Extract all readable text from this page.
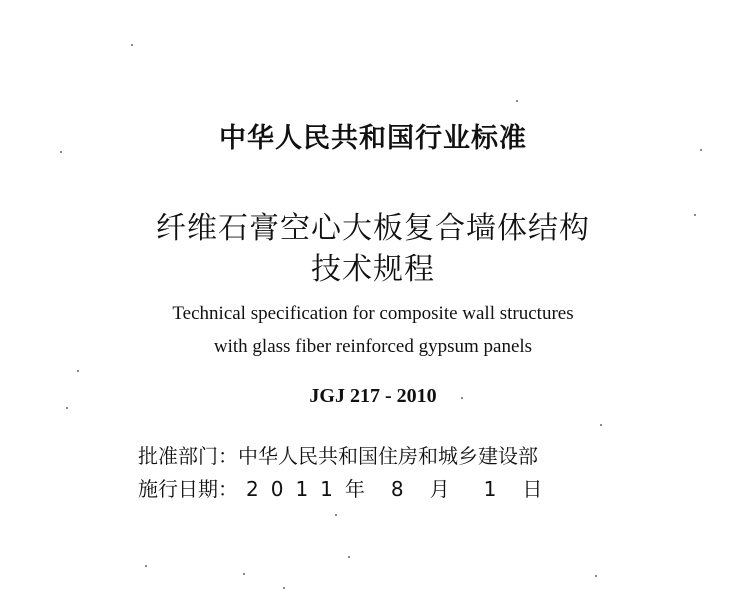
中华人民共和国行业标准
纤维石膏空心大板复合墙体结构
技术规程
Technical specification for composite wall structures
with glass fiber reinforced gypsum panels
JGJ 217 - 2010
批准部门：中华人民共和国住房和城乡建设部
施行日期： 2011年 8 月 1 日
